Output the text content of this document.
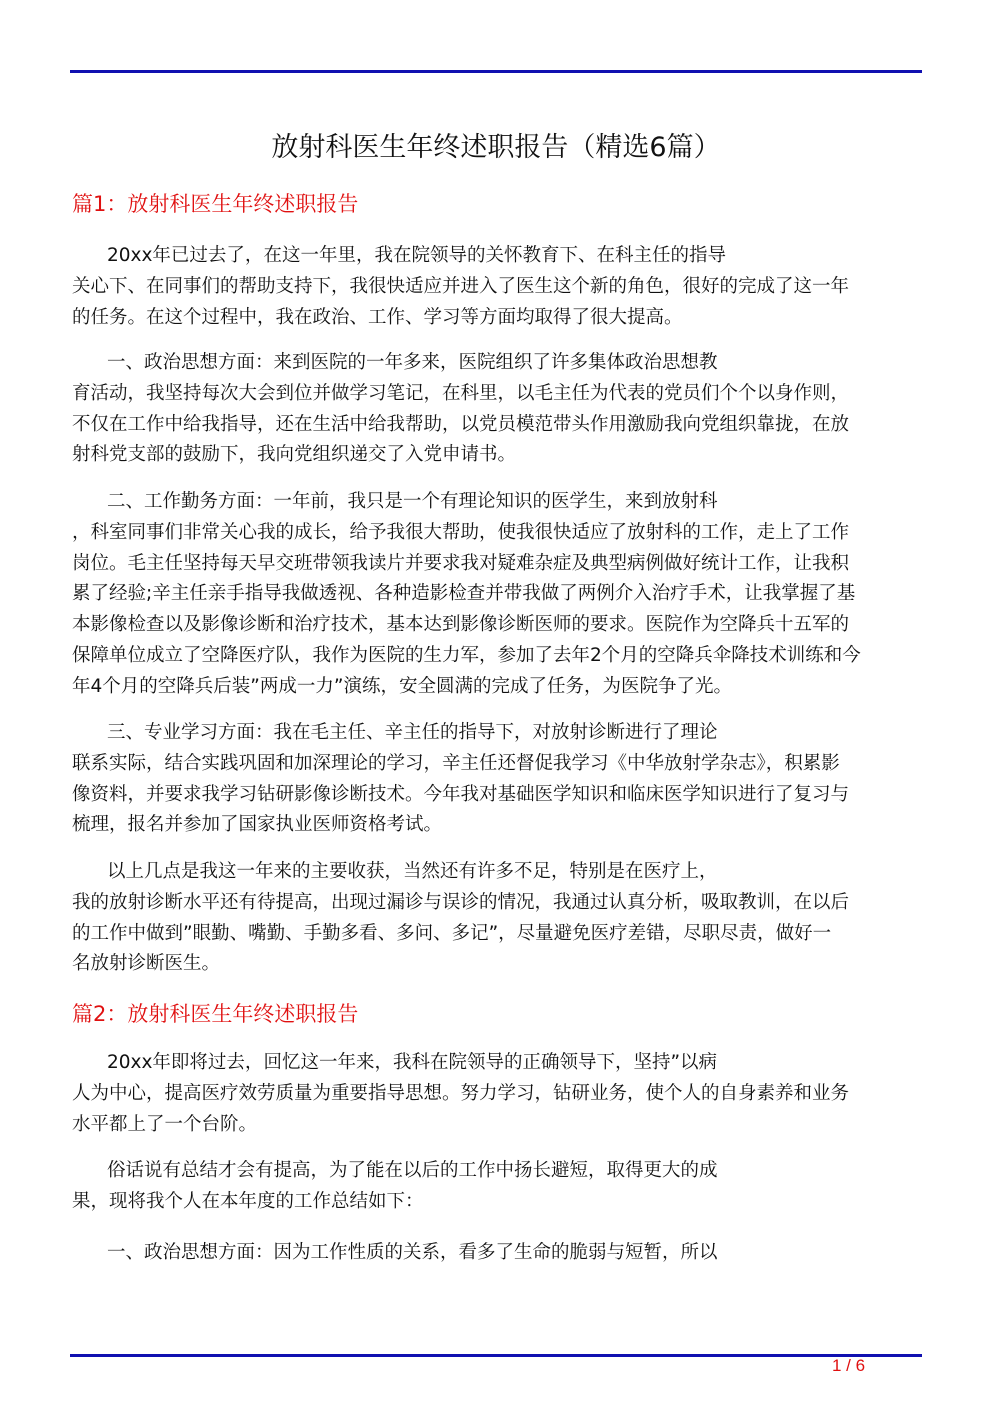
放射科医生年终述职报告（精选6篇）
篇1：放射科医生年终述职报告
20xx年已过去了，在这一年里，我在院领导的关怀教育下、在科主任的指导
关心下、在同事们的帮助支持下，我很快适应并进入了医生这个新的角色，很好的完成了这一年
的任务。在这个过程中，我在政治、工作、学习等方面均取得了很大提高。
一、政治思想方面：来到医院的一年多来，医院组织了许多集体政治思想教
育活动，我坚持每次大会到位并做学习笔记，在科里，以毛主任为代表的党员们个个以身作则，
不仅在工作中给我指导，还在生活中给我帮助，以党员模范带头作用激励我向党组织靠拢，在放
射科党支部的鼓励下，我向党组织递交了入党申请书。
二、工作勤务方面：一年前，我只是一个有理论知识的医学生，来到放射科
，科室同事们非常关心我的成长，给予我很大帮助，使我很快适应了放射科的工作，走上了工作
岗位。毛主任坚持每天早交班带领我读片并要求我对疑难杂症及典型病例做好统计工作，让我积
累了经验;辛主任亲手指导我做透视、各种造影检查并带我做了两例介入治疗手术，让我掌握了基
本影像检查以及影像诊断和治疗技术，基本达到影像诊断医师的要求。医院作为空降兵十五军的
保障单位成立了空降医疗队，我作为医院的生力军，参加了去年2个月的空降兵伞降技术训练和今
年4个月的空降兵后装”两成一力”演练，安全圆满的完成了任务，为医院争了光。
三、专业学习方面：我在毛主任、辛主任的指导下，对放射诊断进行了理论
联系实际，结合实践巩固和加深理论的学习，辛主任还督促我学习《中华放射学杂志》，积累影
像资料，并要求我学习钻研影像诊断技术。今年我对基础医学知识和临床医学知识进行了复习与
梳理，报名并参加了国家执业医师资格考试。
以上几点是我这一年来的主要收获，当然还有许多不足，特别是在医疗上，
我的放射诊断水平还有待提高，出现过漏诊与误诊的情况，我通过认真分析，吸取教训，在以后
的工作中做到”眼勤、嘴勤、手勤多看、多问、多记”，尽量避免医疗差错，尽职尽责，做好一
名放射诊断医生。
篇2：放射科医生年终述职报告
20xx年即将过去，回忆这一年来，我科在院领导的正确领导下，坚持”以病
人为中心，提高医疗效劳质量为重要指导思想。努力学习，钻研业务，使个人的自身素养和业务
水平都上了一个台阶。
俗话说有总结才会有提高，为了能在以后的工作中扬长避短，取得更大的成
果，现将我个人在本年度的工作总结如下：
一、政治思想方面：因为工作性质的关系，看多了生命的脆弱与短暂，所以
1 / 6
